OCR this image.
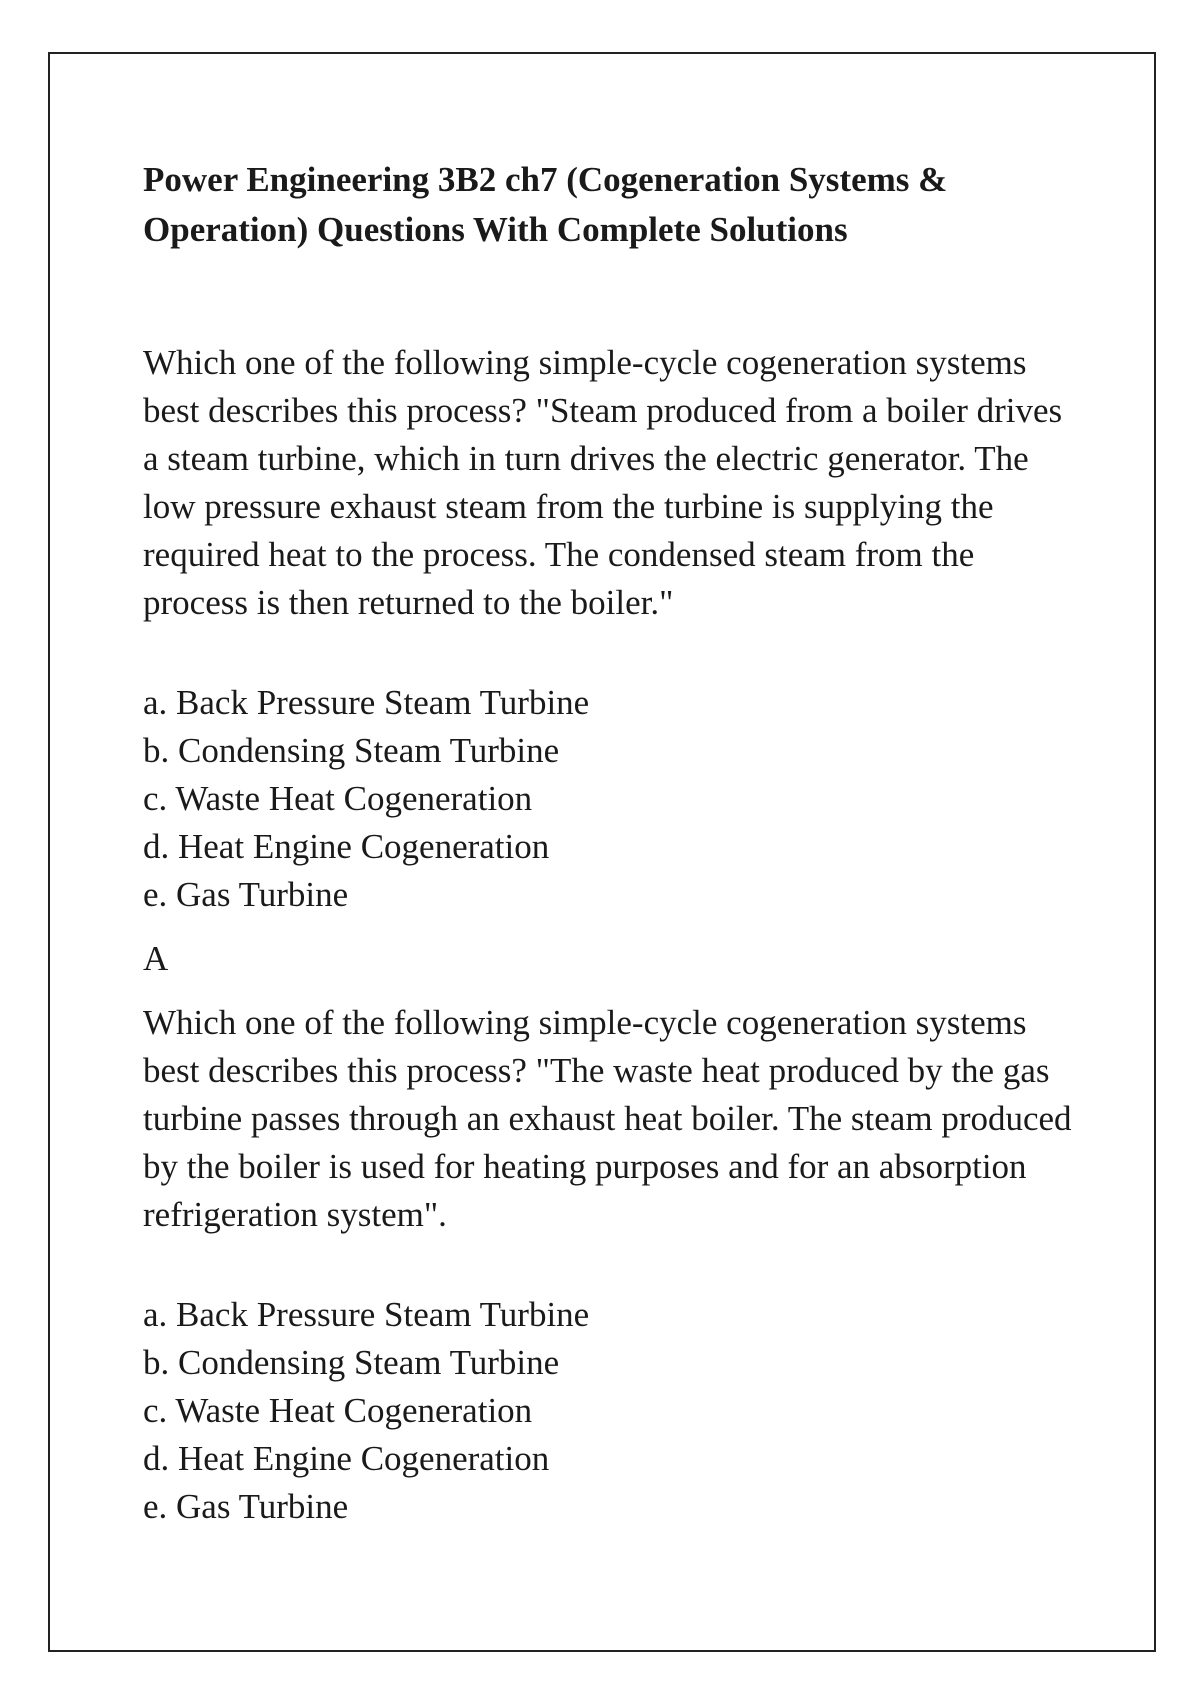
Power Engineering 3B2 ch7 (Cogeneration Systems & Operation) Questions With Complete Solutions

Which one of the following simple-cycle cogeneration systems best describes this process? "Steam produced from a boiler drives a steam turbine, which in turn drives the electric generator. The low pressure exhaust steam from the turbine is supplying the required heat to the process. The condensed steam from the process is then returned to the boiler."

a. Back Pressure Steam Turbine
b. Condensing Steam Turbine
c. Waste Heat Cogeneration
d. Heat Engine Cogeneration
e. Gas Turbine
A

Which one of the following simple-cycle cogeneration systems best describes this process? "The waste heat produced by the gas turbine passes through an exhaust heat boiler. The steam produced by the boiler is used for heating purposes and for an absorption refrigeration system".

a. Back Pressure Steam Turbine
b. Condensing Steam Turbine
c. Waste Heat Cogeneration
d. Heat Engine Cogeneration
e. Gas Turbine
